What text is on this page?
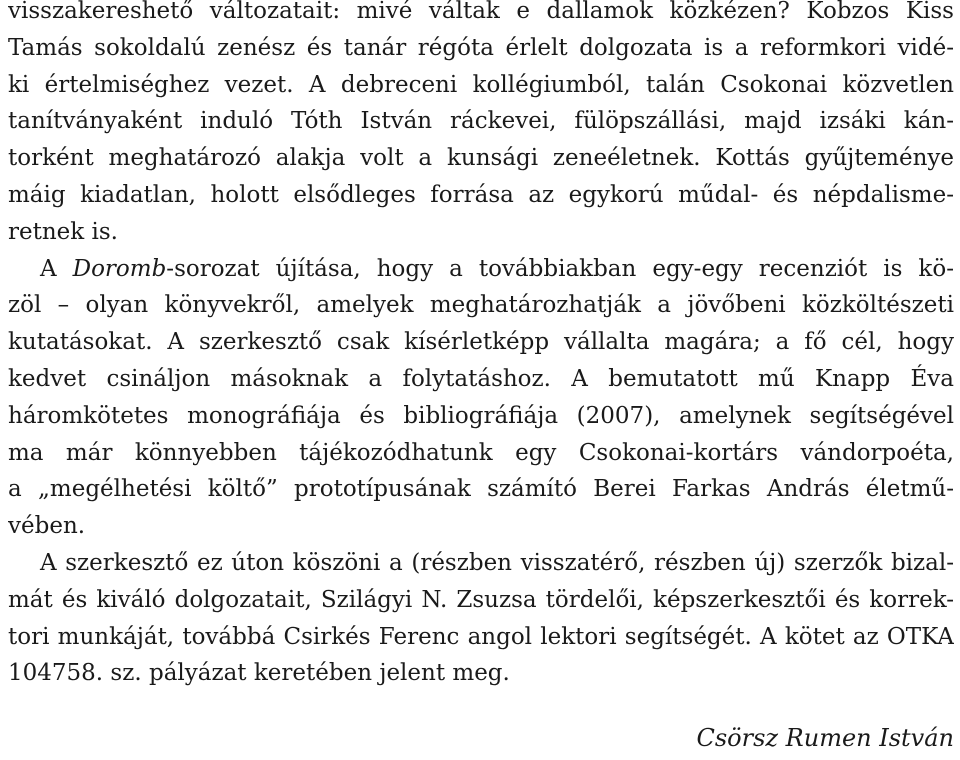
visszakereshető változatait: mivé váltak e dallamok közkézen? Kobzos Kiss
Tamás sokoldalú zenész és tanár régóta érlelt dolgozata is a reformkori vidé-
ki értelmiséghez vezet. A debreceni kollégiumból, talán Csokonai közvetlen
tanítványaként induló Tóth István ráckevei, fülöpszállási, majd izsáki kán-
torként meghatározó alakja volt a kunsági zeneéletnek. Kottás gyűjteménye
máig kiadatlan, holott elsődleges forrása az egykorú műdal- és népdalisme-
retnek is.
A Doromb-sorozat újítása, hogy a továbbiakban egy-egy recenziót is kö-
zöl – olyan könyvekről, amelyek meghatározhatják a jövőbeni közköltészeti
kutatásokat. A szerkesztő csak kísérletképp vállalta magára; a fő cél, hogy
kedvet csináljon másoknak a folytatáshoz. A bemutatott mű Knapp Éva
háromkötetes monográfiája és bibliográfiája (2007), amelynek segítségével
ma már könnyebben tájékozódhatunk egy Csokonai-kortárs vándorpoéta,
a „megélhetési költő” prototípusának számító Berei Farkas András életmű-
vében.
A szerkesztő ez úton köszöni a (részben visszatérő, részben új) szerzők bizal-
mát és kiváló dolgozatait, Szilágyi N. Zsuzsa tördelői, képszerkesztői és korrek-
tori munkáját, továbbá Csirkés Ferenc angol lektori segítségét. A kötet az OTKA
104758. sz. pályázat keretében jelent meg.
Csörsz Rumen István
